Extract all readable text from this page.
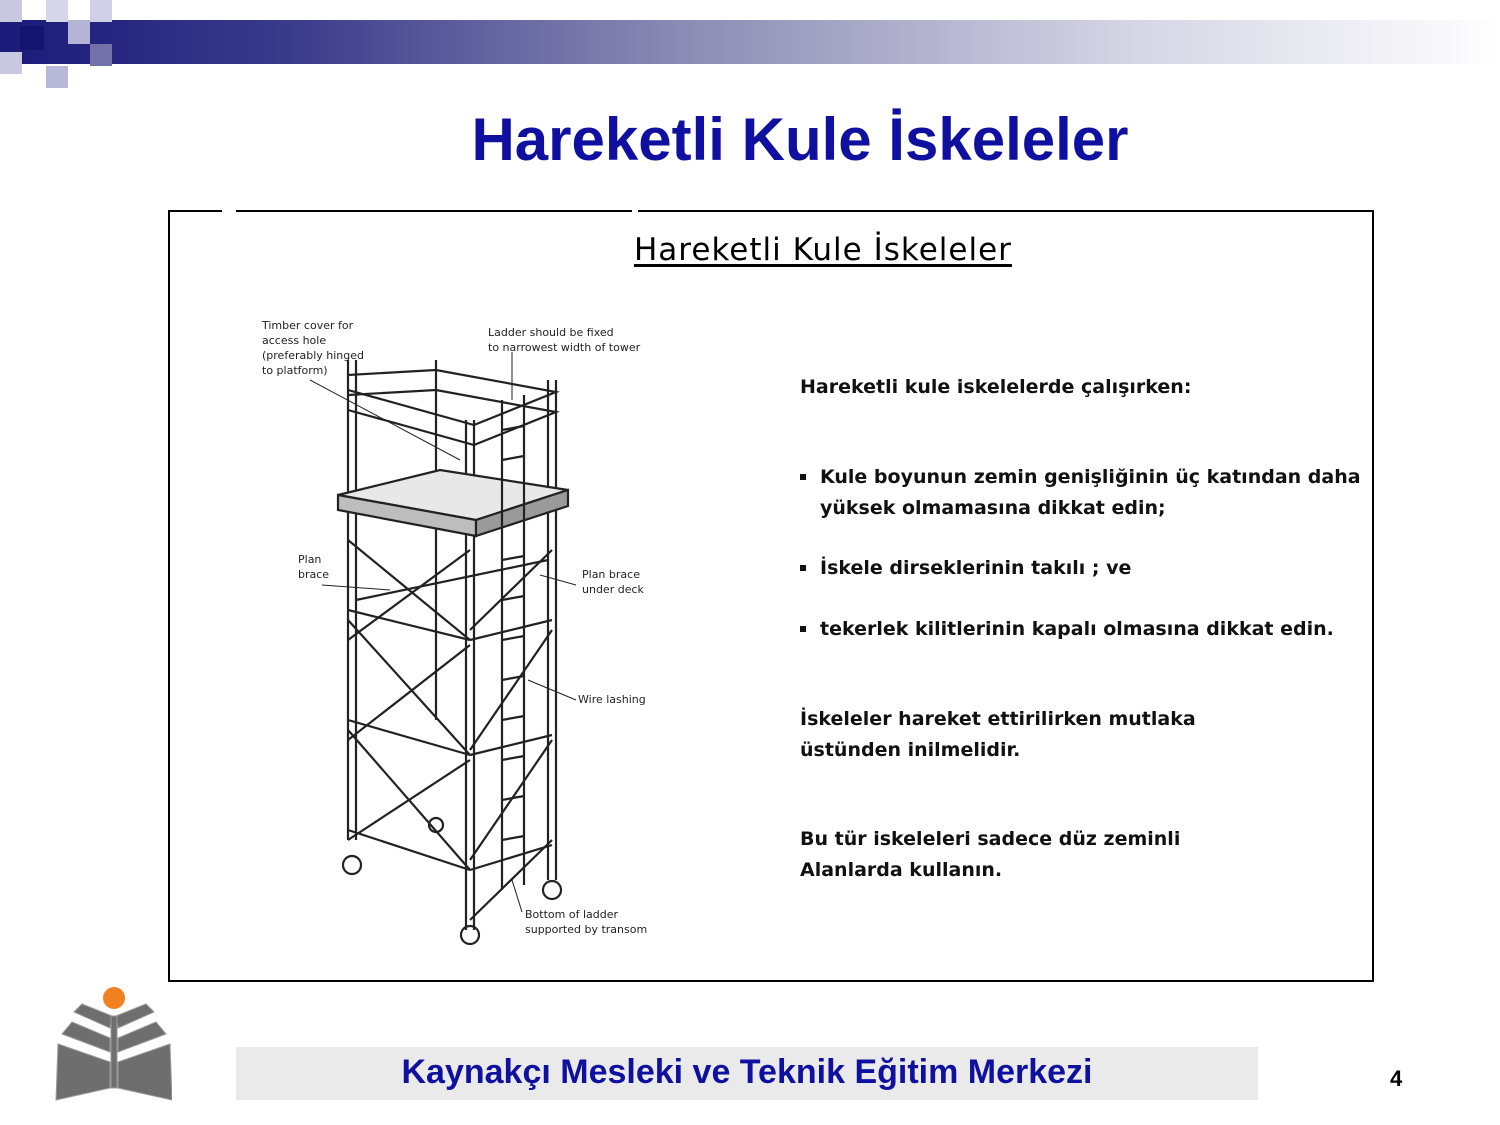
Hareketli Kule İskeleler

Hareketli Kule İskeleler

Timber cover for
access hole
(preferably hinged
to platform)
Ladder should be fixed
to narrowest width of tower
Plan
brace	Plan brace
under deck
Wire lashing
Bottom of ladder
supported by transom

Hareketli kule iskelelerde çalışırken:

Kule boyunun zemin genişliğinin üç katından daha yüksek olmamasına dikkat edin;

İskele dirseklerinin takılı ; ve

tekerlek kilitlerinin kapalı olmasına dikkat edin.

İskeleler hareket ettirilirken mutlaka üstünden inilmelidir.

Bu tür iskeleleri sadece düz zeminli Alanlarda kullanın.

Kaynakçı Mesleki ve Teknik Eğitim Merkezi	4
